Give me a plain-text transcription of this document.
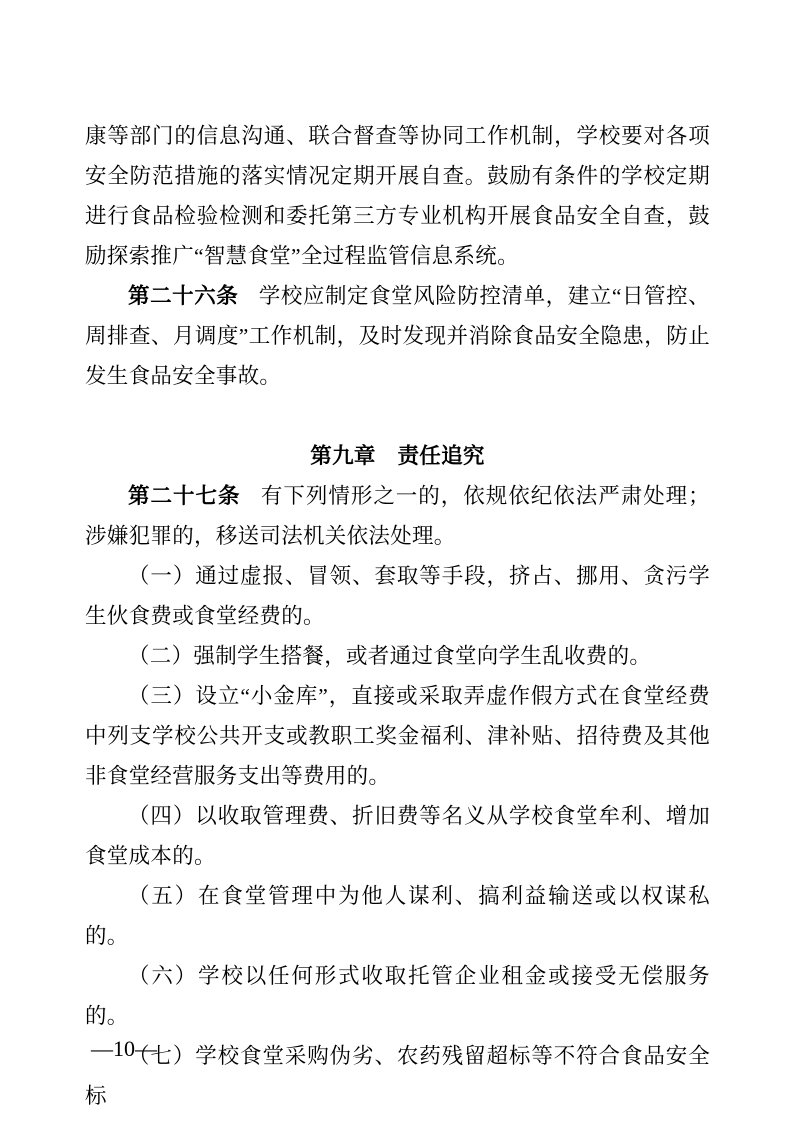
康等部门的信息沟通、联合督查等协同工作机制，学校要对各项安全防范措施的落实情况定期开展自查。鼓励有条件的学校定期进行食品检验检测和委托第三方专业机构开展食品安全自查，鼓励探索推广“智慧食堂”全过程监管信息系统。

第二十六条 学校应制定食堂风险防控清单，建立“日管控、周排查、月调度”工作机制，及时发现并消除食品安全隐患，防止发生食品安全事故。

第九章　责任追究

第二十七条 有下列情形之一的，依规依纪依法严肃处理；涉嫌犯罪的，移送司法机关依法处理。

（一）通过虚报、冒领、套取等手段，挤占、挪用、贪污学生伙食费或食堂经费的。

（二）强制学生搭餐，或者通过食堂向学生乱收费的。

（三）设立“小金库”，直接或采取弄虚作假方式在食堂经费中列支学校公共开支或教职工奖金福利、津补贴、招待费及其他非食堂经营服务支出等费用的。

（四）以收取管理费、折旧费等名义从学校食堂牟利、增加食堂成本的。

（五）在食堂管理中为他人谋利、搞利益输送或以权谋私的。

（六）学校以任何形式收取托管企业租金或接受无偿服务的。

（七）学校食堂采购伪劣、农药残留超标等不符合食品安全标

—10—
